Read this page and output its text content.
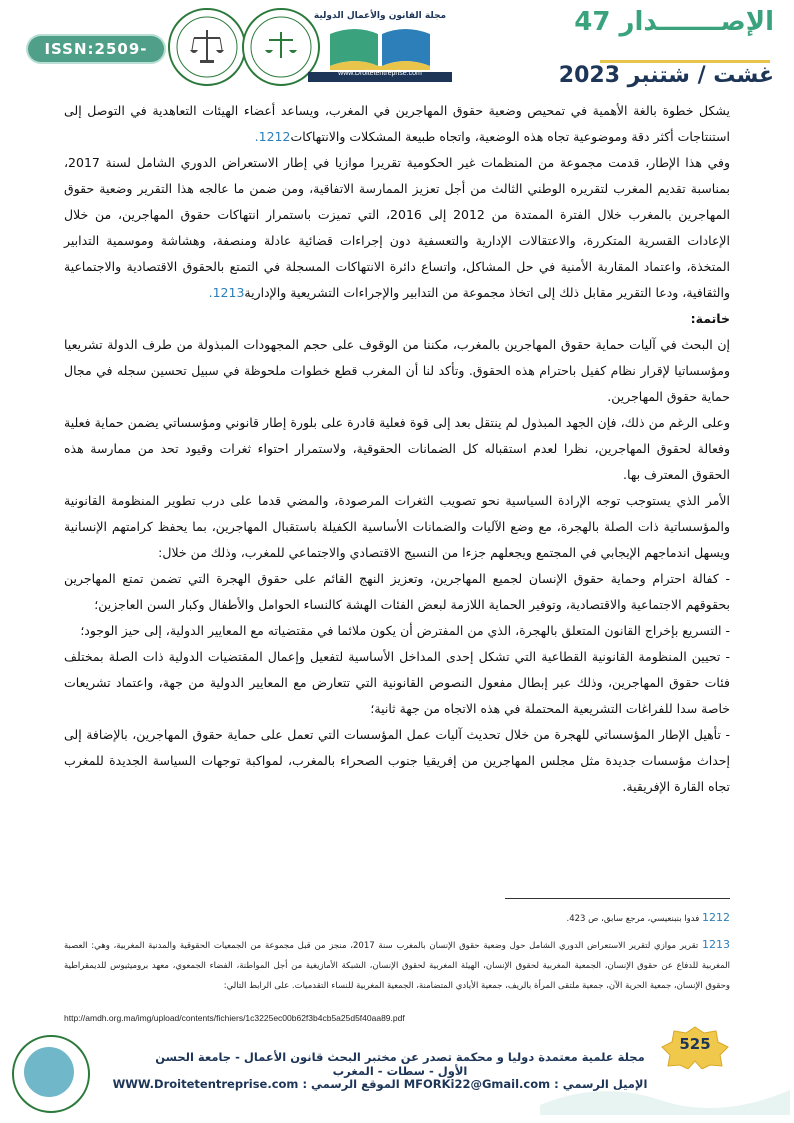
ISSN:2509-0291
مجلة القانون والأعمال الدولية
www.Droitetentreprise.com
الإصـــــــدار 47
غشت / شتنبر 2023

يشكل خطوة بالغة الأهمية في تمحيص وضعية حقوق المهاجرين في المغرب، ويساعد أعضاء الهيئات التعاهدية في التوصل إلى استنتاجات أكثر دقة وموضوعية تجاه هذه الوضعية، واتجاه طبيعة المشكلات والانتهاكات1212.

وفي هذا الإطار، قدمت مجموعة من المنظمات غير الحكومية تقريرا موازيا في إطار الاستعراض الدوري الشامل لسنة 2017، بمناسبة تقديم المغرب لتقريره الوطني الثالث من أجل تعزيز الممارسة الاتفاقية، ومن ضمن ما عالجه هذا التقرير وضعية حقوق المهاجرين بالمغرب خلال الفترة الممتدة من 2012 إلى 2016، التي تميزت باستمرار انتهاكات حقوق المهاجرين، من خلال الإعادات القسرية المتكررة، والاعتقالات الإدارية والتعسفية دون إجراءات قضائية عادلة ومنصفة، وهشاشة وموسمية التدابير المتخذة، واعتماد المقاربة الأمنية في حل المشاكل، واتساع دائرة الانتهاكات المسجلة في التمتع بالحقوق الاقتصادية والاجتماعية والثقافية، ودعا التقرير مقابل ذلك إلى اتخاذ مجموعة من التدابير والإجراءات التشريعية والإدارية1213.

خاتمة:

إن البحث في آليات حماية حقوق المهاجرين بالمغرب، مكننا من الوقوف على حجم المجهودات المبذولة من طرف الدولة تشريعيا ومؤسساتيا لإقرار نظام كفيل باحترام هذه الحقوق. وتأكد لنا أن المغرب قطع خطوات ملحوظة في سبيل تحسين سجله في مجال حماية حقوق المهاجرين.

وعلى الرغم من ذلك، فإن الجهد المبذول لم ينتقل بعد إلى قوة فعلية قادرة على بلورة إطار قانوني ومؤسساتي يضمن حماية فعلية وفعالة لحقوق المهاجرين، نظرا لعدم استقباله كل الضمانات الحقوقية، ولاستمرار احتواء ثغرات وقيود تحد من ممارسة هذه الحقوق المعترف بها.

الأمر الذي يستوجب توجه الإرادة السياسية نحو تصويب الثغرات المرصودة، والمضي قدما على درب تطوير المنظومة القانونية والمؤسساتية ذات الصلة بالهجرة، مع وضع الآليات والضمانات الأساسية الكفيلة باستقبال المهاجرين، بما يحفظ كرامتهم الإنسانية ويسهل اندماجهم الإيجابي في المجتمع ويجعلهم جزءا من النسيج الاقتصادي والاجتماعي للمغرب، وذلك من خلال:

- كفالة احترام وحماية حقوق الإنسان لجميع المهاجرين، وتعزيز النهج القائم على حقوق الهجرة التي تضمن تمتع المهاجرين بحقوقهم الاجتماعية والاقتصادية، وتوفير الحماية اللازمة لبعض الفئات الهشة كالنساء الحوامل والأطفال وكبار السن العاجزين؛

- التسريع بإخراج القانون المتعلق بالهجرة، الذي من المفترض أن يكون ملائما في مقتضياته مع المعايير الدولية، إلى حيز الوجود؛

- تحيين المنظومة القانونية القطاعية التي تشكل إحدى المداخل الأساسية لتفعيل وإعمال المقتضيات الدولية ذات الصلة بمختلف فئات حقوق المهاجرين، وذلك عبر إبطال مفعول النصوص القانونية التي تتعارض مع المعايير الدولية من جهة، واعتماد تشريعات خاصة سدا للفراغات التشريعية المحتملة في هذه الاتجاه من جهة ثانية؛

- تأهيل الإطار المؤسساتي للهجرة من خلال تحديث آليات عمل المؤسسات التي تعمل على حماية حقوق المهاجرين، بالإضافة إلى إحداث مؤسسات جديدة مثل مجلس المهاجرين من إفريقيا جنوب الصحراء بالمغرب، لمواكبة توجهات السياسة الجديدة للمغرب تجاه القارة الإفريقية.

1212 فدوا بنبنعيسي، مرجع سابق، ص 423.

1213 تقرير موازي لتقرير الاستعراض الدوري الشامل حول وضعية حقوق الإنسان بالمغرب سنة 2017، منجز من قبل مجموعة من الجمعيات الحقوقية والمدنية المغربية، وهي: العصبة المغربية للدفاع عن حقوق الإنسان، الجمعية المغربية لحقوق الإنسان، الهيئة المغربية لحقوق الإنسان، الشبكة الأمازيغية من أجل المواطنة، الفضاء الجمعوي، معهد بروميثيوس للديمقراطية وحقوق الإنسان، جمعية الحرية الآن، جمعية ملتقى المرأة بالريف، جمعية الأيادي المتضامنة، الجمعية المغربية للنساء التقدميات. على الرابط التالي:

http://amdh.org.ma/img/upload/contents/fichiers/1c3225ec00b62f3b4cb5a25d5f40aa89.pdf
525
مجلة علمية معتمدة دوليا و محكمة تصدر عن مختبر البحث قانون الأعمال - جامعة الحسن الأول - سطات - المغرب
الإميل الرسمي : MFORKi22@Gmail.com الموقع الرسمي : WWW.Droitetentreprise.com
